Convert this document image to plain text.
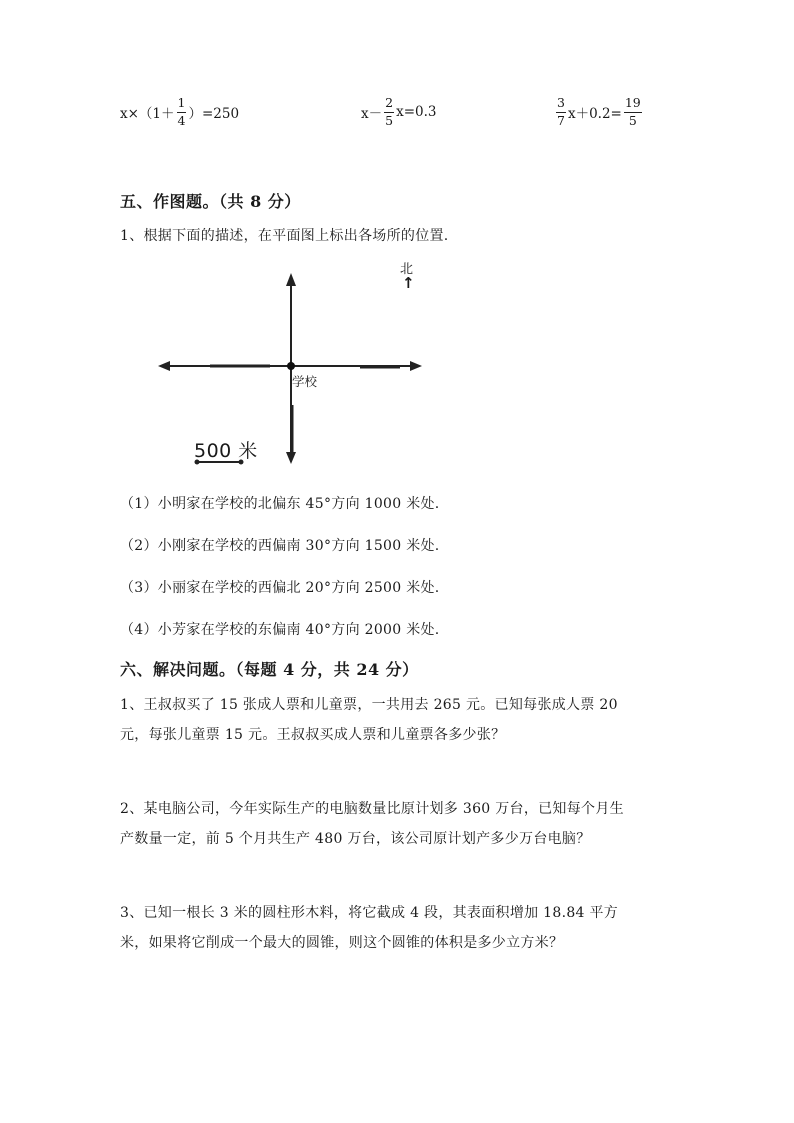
$x\times(1+ \frac{1}{4} )=250$	$x- \frac{2}{5} x=0.3$	$\frac{3}{7} x+0.2= \frac{19}{5}$
五、作图题。（共 8 分）
1、根据下面的描述，在平面图上标出各场所的位置.
北
↑
学校
500 米
（1）小明家在学校的北偏东 45°方向 1000 米处.
（2）小刚家在学校的西偏南 30°方向 1500 米处.
（3）小丽家在学校的西偏北 20°方向 2500 米处.
（4）小芳家在学校的东偏南 40°方向 2000 米处.
六、解决问题。（每题 4 分，共 24 分）
1、王叔叔买了 15 张成人票和儿童票，一共用去 265 元。已知每张成人票 20
元，每张儿童票 15 元。王叔叔买成人票和儿童票各多少张？
2、某电脑公司，今年实际生产的电脑数量比原计划多 360 万台，已知每个月生
产数量一定，前 5 个月共生产 480 万台，该公司原计划产多少万台电脑？
3、已知一根长 3 米的圆柱形木料，将它截成 4 段，其表面积增加 18.84 平方
米，如果将它削成一个最大的圆锥，则这个圆锥的体积是多少立方米？
